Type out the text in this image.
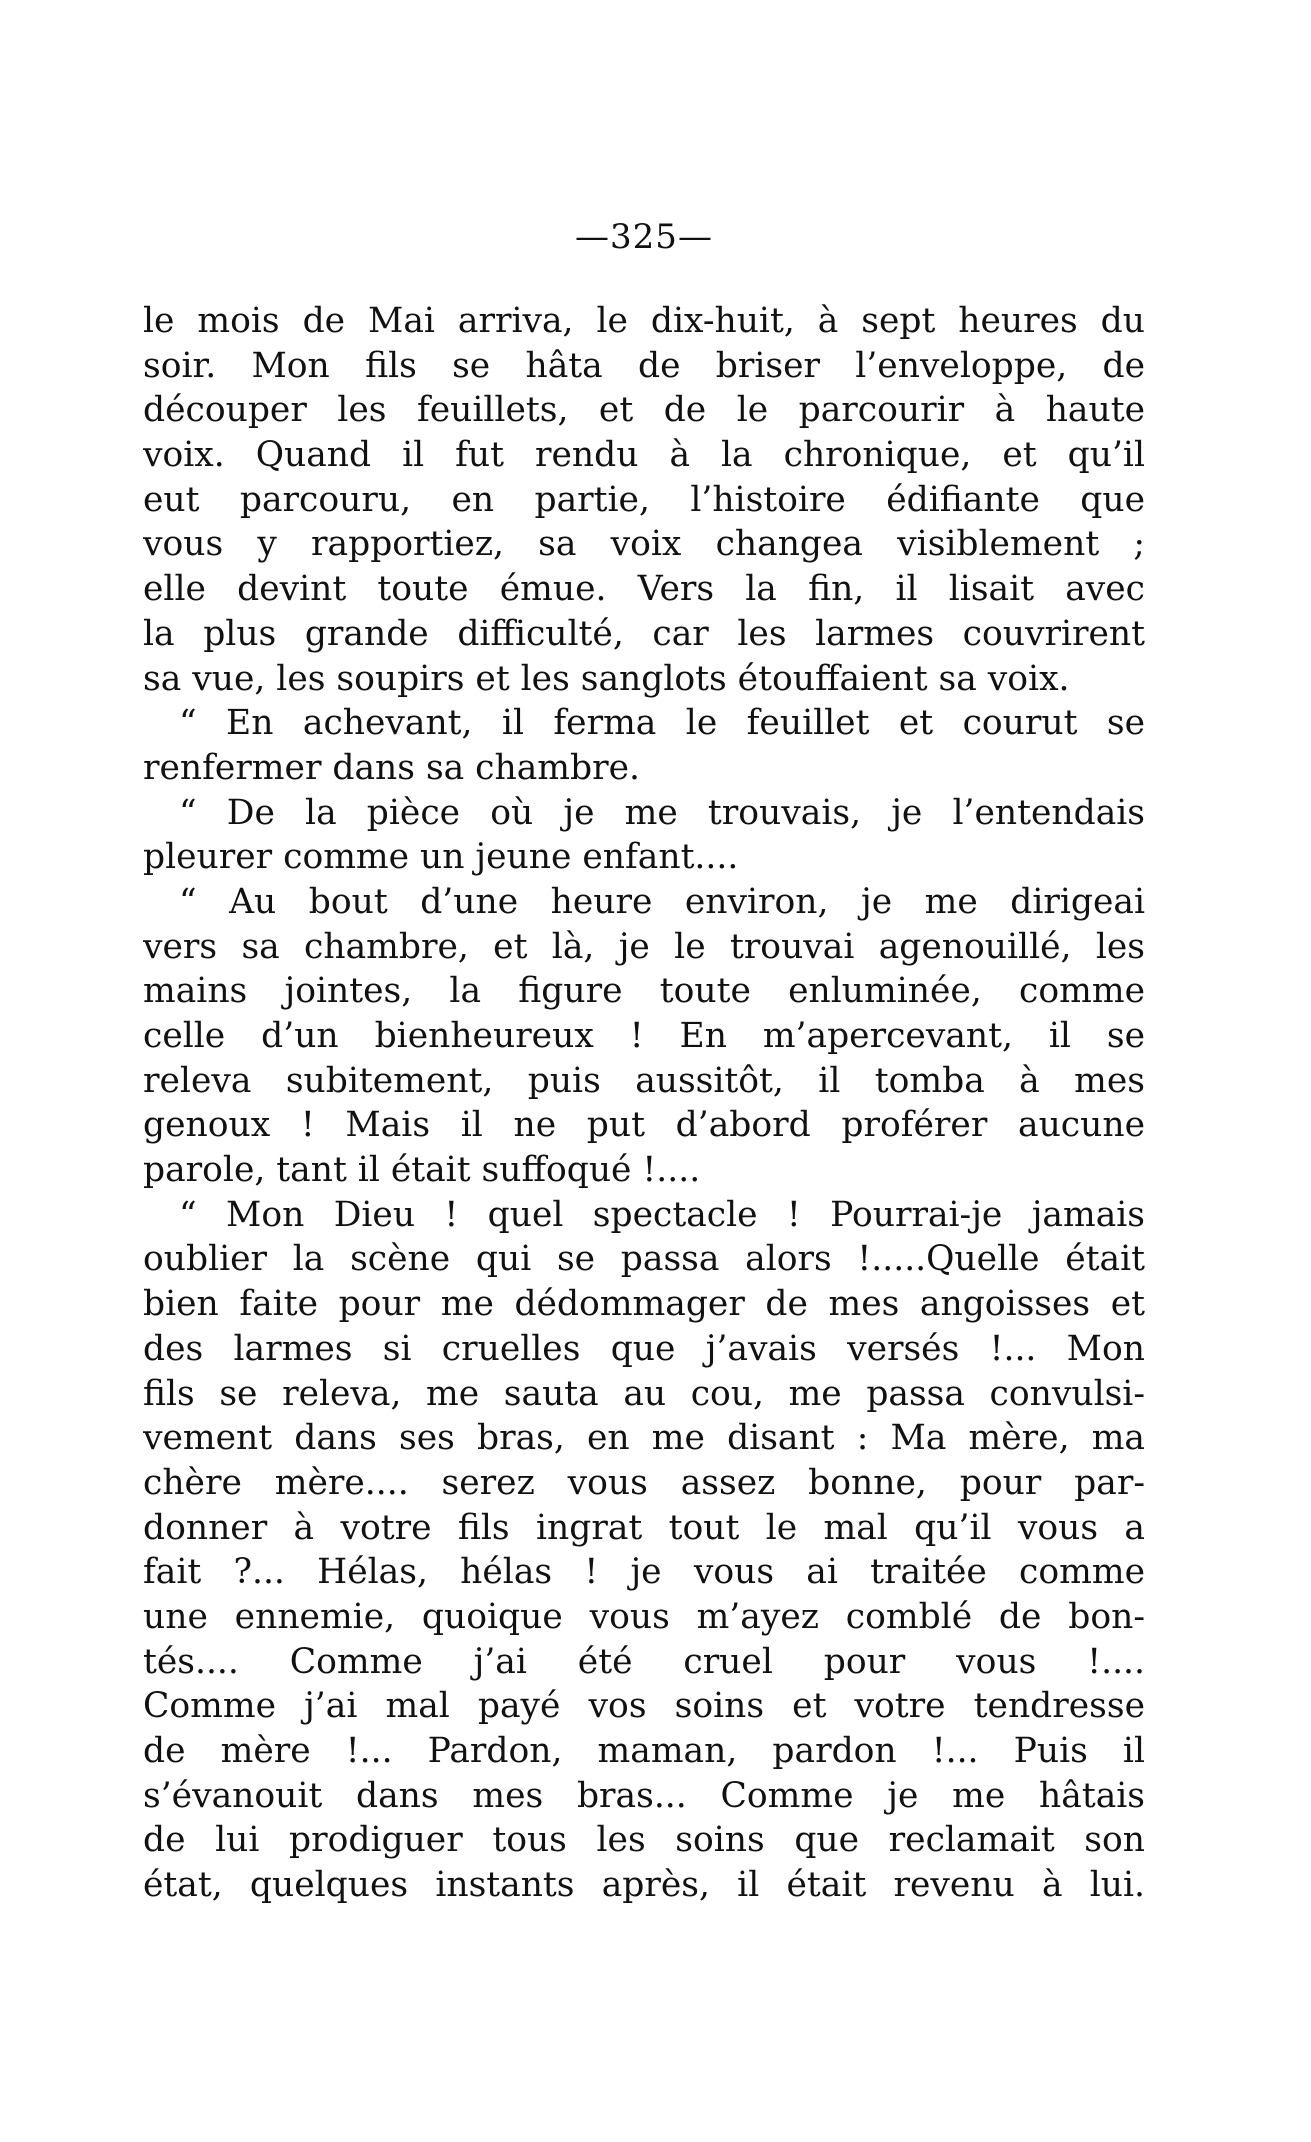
—325—
le mois de Mai arriva, le dix-huit, à sept heures du
soir. Mon fils se hâta de briser l’enveloppe, de
découper les feuillets, et de le parcourir à haute
voix. Quand il fut rendu à la chronique, et qu’il
eut parcouru, en partie, l’histoire édifiante que
vous y rapportiez, sa voix changea visiblement ;
elle devint toute émue. Vers la fin, il lisait avec
la plus grande difficulté, car les larmes couvrirent
sa vue, les soupirs et les sanglots étouffaient sa voix.
“ En achevant, il ferma le feuillet et courut se
renfermer dans sa chambre.
“ De la pièce où je me trouvais, je l’entendais
pleurer comme un jeune enfant....
“ Au bout d’une heure environ, je me dirigeai
vers sa chambre, et là, je le trouvai agenouillé, les
mains jointes, la figure toute enluminée, comme
celle d’un bienheureux ! En m’apercevant, il se
releva subitement, puis aussitôt, il tomba à mes
genoux ! Mais il ne put d’abord proférer aucune
parole, tant il était suffoqué !....
“ Mon Dieu ! quel spectacle ! Pourrai-je jamais
oublier la scène qui se passa alors !.....Quelle était
bien faite pour me dédommager de mes angoisses et
des larmes si cruelles que j’avais versés !... Mon
fils se releva, me sauta au cou, me passa convulsi-
vement dans ses bras, en me disant : Ma mère, ma
chère mère.... serez vous assez bonne, pour par-
donner à votre fils ingrat tout le mal qu’il vous a
fait ?... Hélas, hélas ! je vous ai traitée comme
une ennemie, quoique vous m’ayez comblé de bon-
tés.... Comme j’ai été cruel pour vous !....
Comme j’ai mal payé vos soins et votre tendresse
de mère !... Pardon, maman, pardon !... Puis il
s’évanouit dans mes bras... Comme je me hâtais
de lui prodiguer tous les soins que reclamait son
état, quelques instants après, il était revenu à lui.
